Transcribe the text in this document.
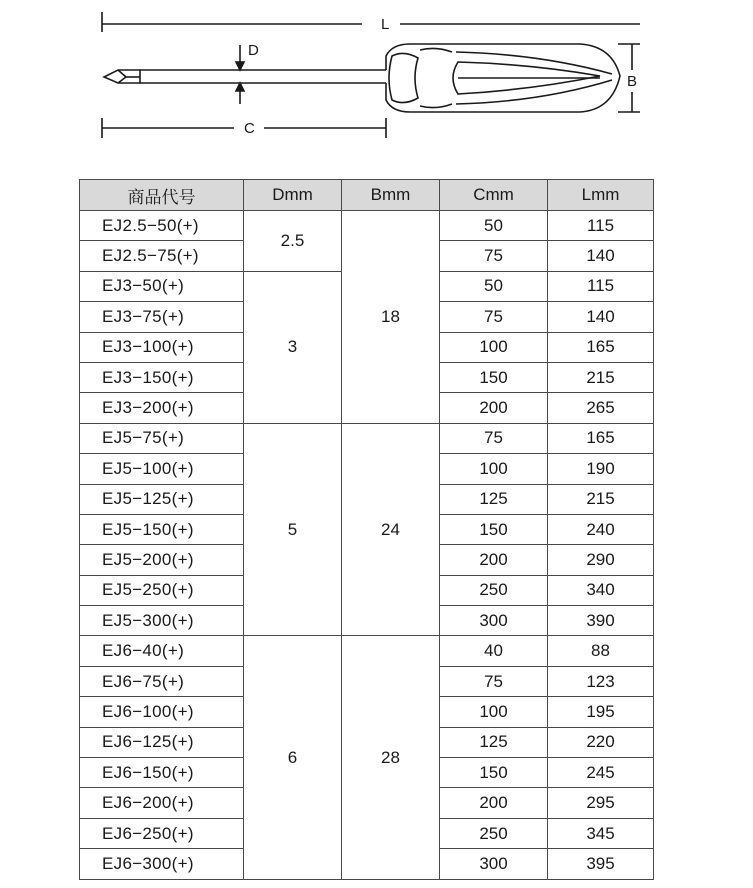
L
D
C
B
商品代号	Dmm	Bmm	Cmm	Lmm
EJ2.5−50(+)	2.5	18	50	115
EJ2.5−75(+)			75	140
EJ3−50(+)	3		50	115
EJ3−75(+)			75	140
EJ3−100(+)			100	165
EJ3−150(+)			150	215
EJ3−200(+)			200	265
EJ5−75(+)	5	24	75	165
EJ5−100(+)			100	190
EJ5−125(+)			125	215
EJ5−150(+)			150	240
EJ5−200(+)			200	290
EJ5−250(+)			250	340
EJ5−300(+)			300	390
EJ6−40(+)	6	28	40	88
EJ6−75(+)			75	123
EJ6−100(+)			100	195
EJ6−125(+)			125	220
EJ6−150(+)			150	245
EJ6−200(+)			200	295
EJ6−250(+)			250	345
EJ6−300(+)			300	395
